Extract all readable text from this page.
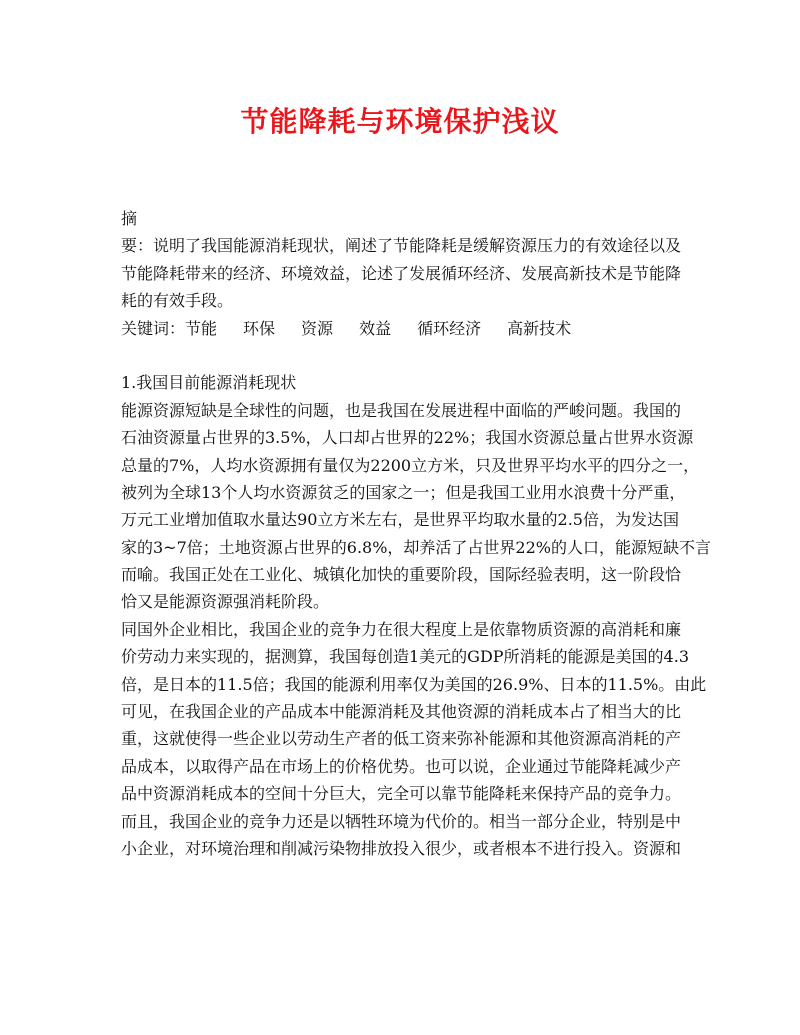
节能降耗与环境保护浅议
摘
要：说明了我国能源消耗现状，阐述了节能降耗是缓解资源压力的有效途径以及
节能降耗带来的经济、环境效益，论述了发展循环经济、发展高新技术是节能降
耗的有效手段。
关键词：节能 环保 资源 效益 循环经济 高新技术
1.我国目前能源消耗现状
能源资源短缺是全球性的问题，也是我国在发展进程中面临的严峻问题。我国的
石油资源量占世界的3.5%，人口却占世界的22%；我国水资源总量占世界水资源
总量的7%，人均水资源拥有量仅为2200立方米，只及世界平均水平的四分之一，
被列为全球13个人均水资源贫乏的国家之一；但是我国工业用水浪费十分严重，
万元工业增加值取水量达90立方米左右，是世界平均取水量的2.5倍，为发达国
家的3~7倍；土地资源占世界的6.8%，却养活了占世界22%的人口，能源短缺不言
而喻。我国正处在工业化、城镇化加快的重要阶段，国际经验表明，这一阶段恰
恰又是能源资源强消耗阶段。
同国外企业相比，我国企业的竞争力在很大程度上是依靠物质资源的高消耗和廉
价劳动力来实现的，据测算，我国每创造1美元的GDP所消耗的能源是美国的4.3
倍，是日本的11.5倍；我国的能源利用率仅为美国的26.9%、日本的11.5%。由此
可见，在我国企业的产品成本中能源消耗及其他资源的消耗成本占了相当大的比
重，这就使得一些企业以劳动生产者的低工资来弥补能源和其他资源高消耗的产
品成本，以取得产品在市场上的价格优势。也可以说，企业通过节能降耗减少产
品中资源消耗成本的空间十分巨大，完全可以靠节能降耗来保持产品的竞争力。
而且，我国企业的竞争力还是以牺牲环境为代价的。相当一部分企业，特别是中
小企业，对环境治理和削减污染物排放投入很少，或者根本不进行投入。资源和
